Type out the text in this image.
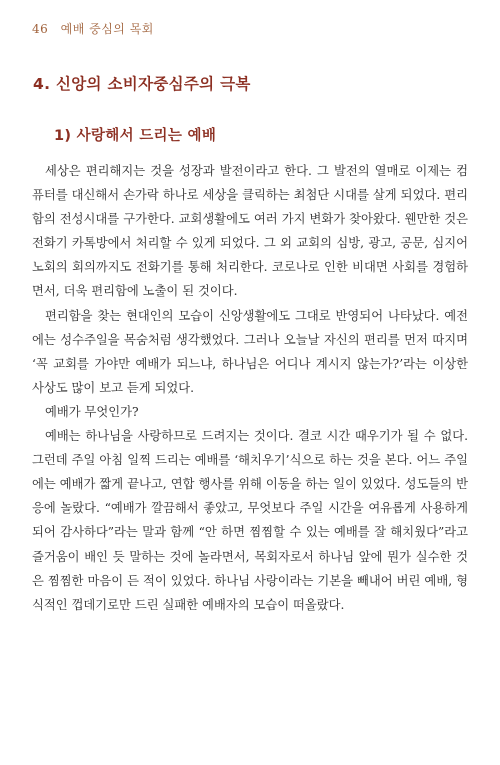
46 예배 중심의 목회
4. 신앙의 소비자중심주의 극복
1) 사랑해서 드리는 예배

세상은 편리해지는 것을 성장과 발전이라고 한다. 그 발전의 열매로 이제는 컴퓨터를 대신해서 손가락 하나로 세상을 클릭하는 최첨단 시대를 살게 되었다. 편리함의 전성시대를 구가한다. 교회생활에도 여러 가지 변화가 찾아왔다. 웬만한 것은 전화기 카톡방에서 처리할 수 있게 되었다. 그 외 교회의 심방, 광고, 공문, 심지어 노회의 회의까지도 전화기를 통해 처리한다. 코로나로 인한 비대면 사회를 경험하면서, 더욱 편리함에 노출이 된 것이다.

편리함을 찾는 현대인의 모습이 신앙생활에도 그대로 반영되어 나타났다. 예전에는 성수주일을 목숨처럼 생각했었다. 그러나 오늘날 자신의 편리를 먼저 따지며 ‘꼭 교회를 가야만 예배가 되느냐, 하나님은 어디나 계시지 않는가?’라는 이상한 사상도 많이 보고 듣게 되었다.

예배가 무엇인가?

예배는 하나님을 사랑하므로 드려지는 것이다. 결코 시간 때우기가 될 수 없다. 그런데 주일 아침 일찍 드리는 예배를 ‘해치우기’식으로 하는 것을 본다. 어느 주일에는 예배가 짧게 끝나고, 연합 행사를 위해 이동을 하는 일이 있었다. 성도들의 반응에 놀랐다. “예배가 깔끔해서 좋았고, 무엇보다 주일 시간을 여유롭게 사용하게 되어 감사하다”라는 말과 함께 “안 하면 찜찜할 수 있는 예배를 잘 해치웠다”라고 즐거움이 배인 듯 말하는 것에 놀라면서, 목회자로서 하나님 앞에 뭔가 실수한 것은 찜찜한 마음이 든 적이 있었다. 하나님 사랑이라는 기본을 빼내어 버린 예배, 형식적인 껍데기로만 드린 실패한 예배자의 모습이 떠올랐다.
